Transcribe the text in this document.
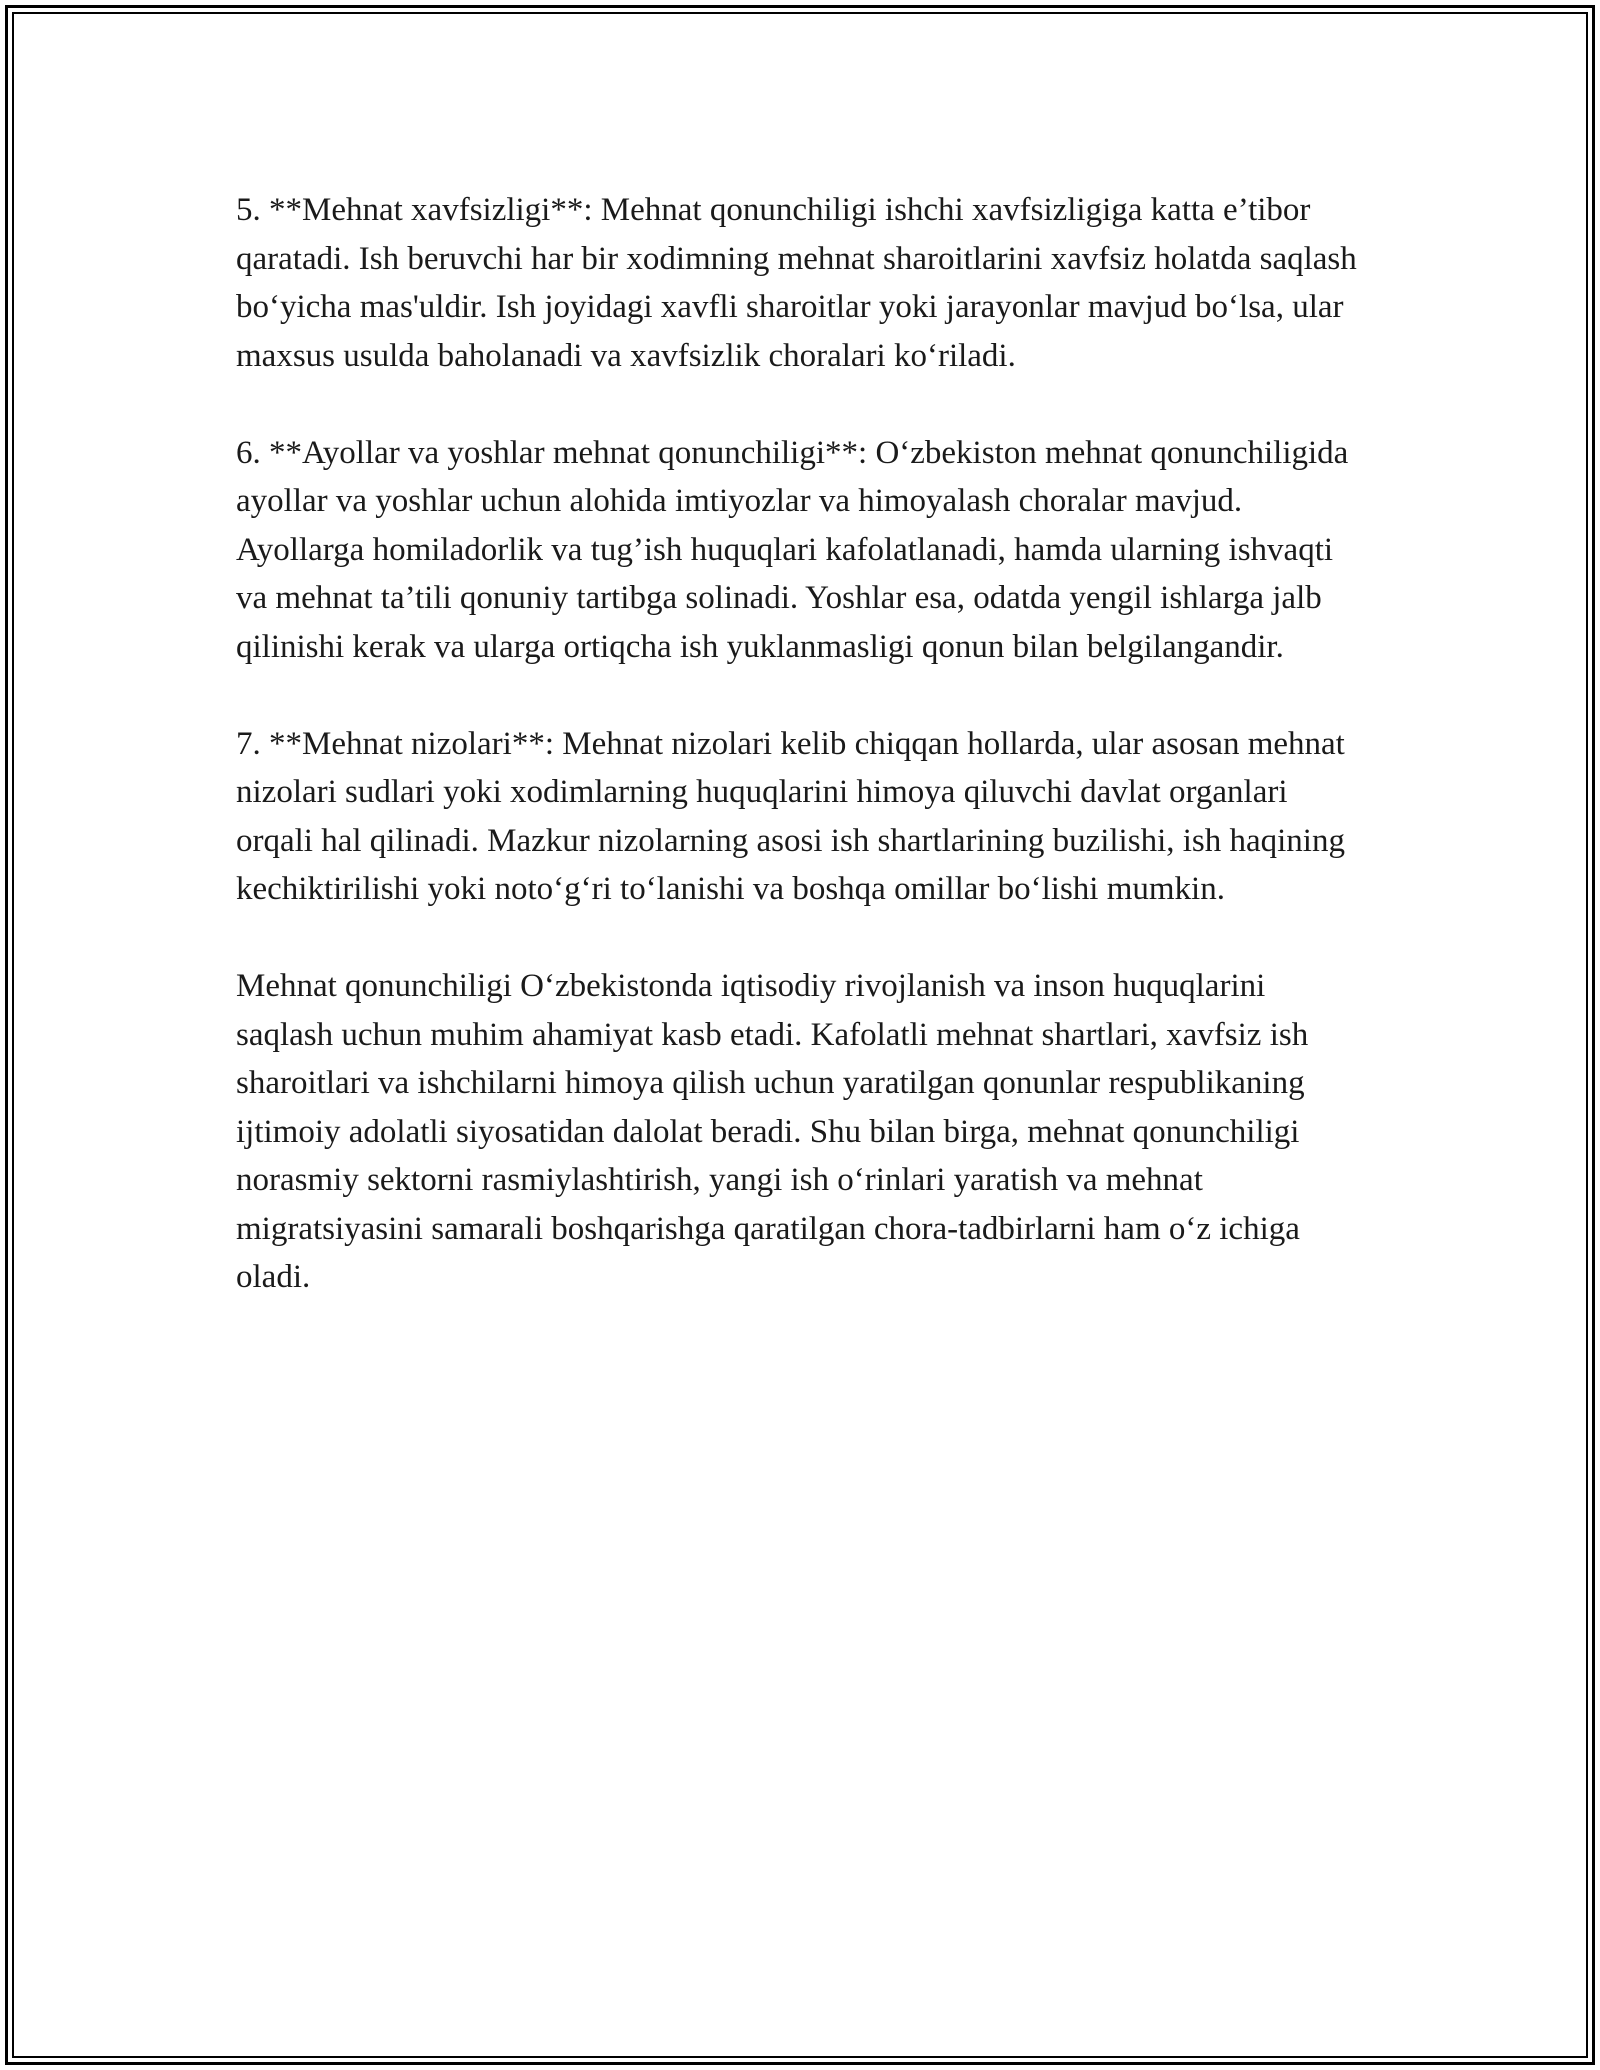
5. **Mehnat xavfsizligi**: Mehnat qonunchiligi ishchi xavfsizligiga katta e’tibor qaratadi. Ish beruvchi har bir xodimning mehnat sharoitlarini xavfsiz holatda saqlash bo‘yicha mas'uldir. Ish joyidagi xavfli sharoitlar yoki jarayonlar mavjud bo‘lsa, ular maxsus usulda baholanadi va xavfsizlik choralari ko‘riladi.

6. **Ayollar va yoshlar mehnat qonunchiligi**: O‘zbekiston mehnat qonunchiligida ayollar va yoshlar uchun alohida imtiyozlar va himoyalash choralar mavjud. Ayollarga homiladorlik va tug’ish huquqlari kafolatlanadi, hamda ularning ishvaqti va mehnat ta’tili qonuniy tartibga solinadi. Yoshlar esa, odatda yengil ishlarga jalb qilinishi kerak va ularga ortiqcha ish yuklanmasligi qonun bilan belgilangandir.

7. **Mehnat nizolari**: Mehnat nizolari kelib chiqqan hollarda, ular asosan mehnat nizolari sudlari yoki xodimlarning huquqlarini himoya qiluvchi davlat organlari orqali hal qilinadi. Mazkur nizolarning asosi ish shartlarining buzilishi, ish haqining kechiktirilishi yoki noto‘g‘ri to‘lanishi va boshqa omillar bo‘lishi mumkin.

Mehnat qonunchiligi O‘zbekistonda iqtisodiy rivojlanish va inson huquqlarini saqlash uchun muhim ahamiyat kasb etadi. Kafolatli mehnat shartlari, xavfsiz ish sharoitlari va ishchilarni himoya qilish uchun yaratilgan qonunlar respublikaning ijtimoiy adolatli siyosatidan dalolat beradi. Shu bilan birga, mehnat qonunchiligi norasmiy sektorni rasmiylashtirish, yangi ish o‘rinlari yaratish va mehnat migratsiyasini samarali boshqarishga qaratilgan chora-tadbirlarni ham o‘z ichiga oladi.
